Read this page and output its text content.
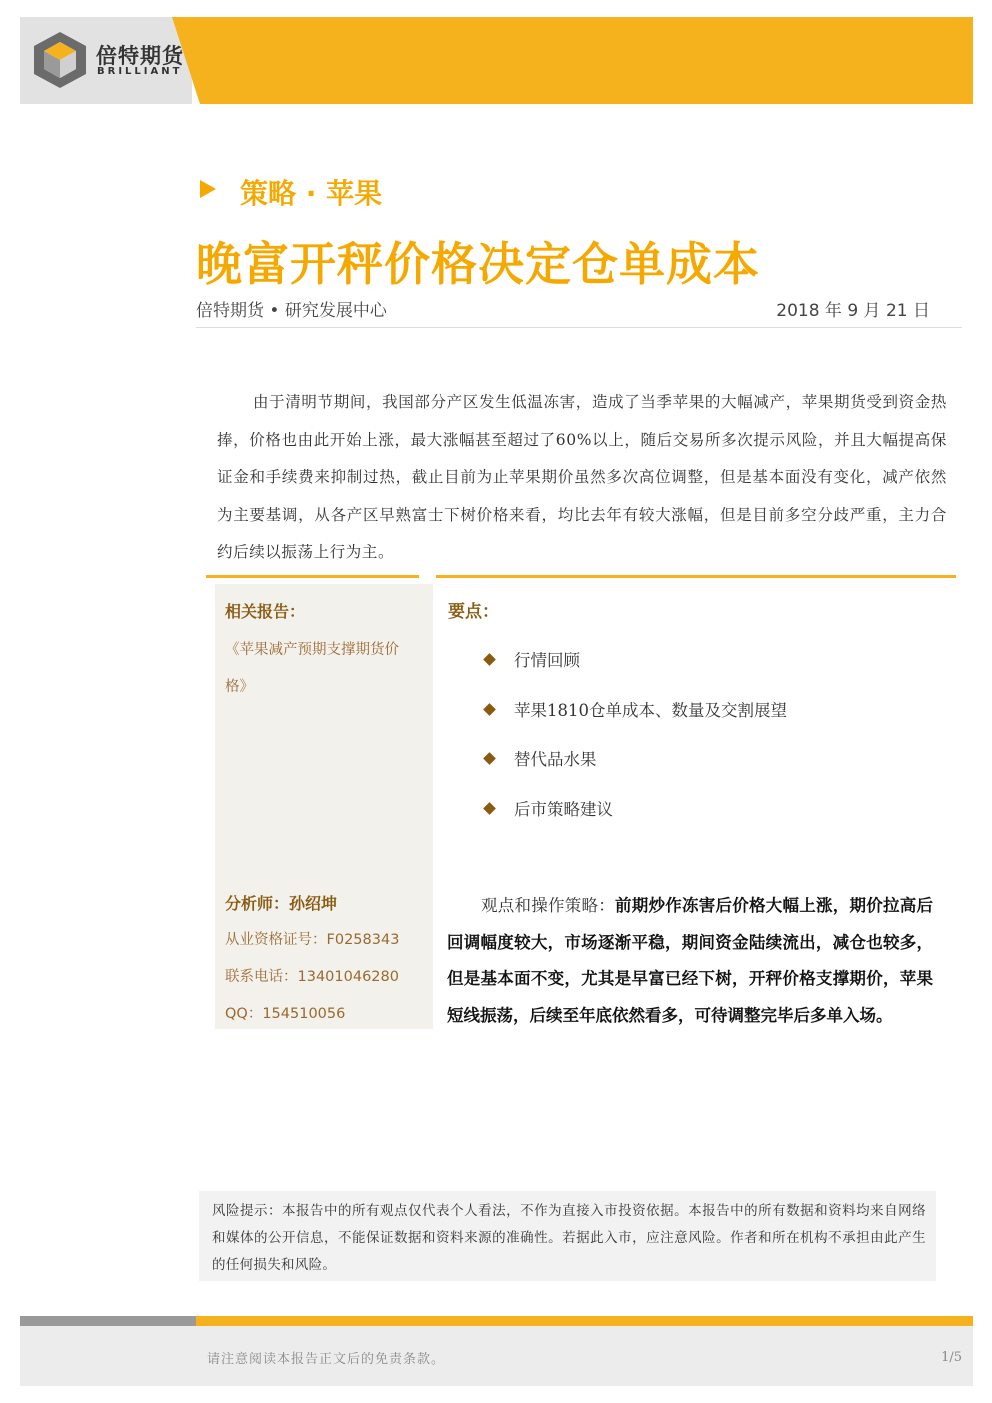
倍特期货
BRILLIANT
策略 · 苹果
晚富开秤价格决定仓单成本
倍特期货 • 研究发展中心	2018 年 9 月 21 日
由于清明节期间，我国部分产区发生低温冻害，造成了当季苹果的大幅减产，苹果期货受到资金热捧，价格也由此开始上涨，最大涨幅甚至超过了60%以上，随后交易所多次提示风险，并且大幅提高保证金和手续费来抑制过热，截止目前为止苹果期价虽然多次高位调整，但是基本面没有变化，减产依然为主要基调，从各产区早熟富士下树价格来看，均比去年有较大涨幅，但是目前多空分歧严重，主力合约后续以振荡上行为主。
相关报告：
《苹果减产预期支撑期货价格》
分析师：孙绍坤
从业资格证号：F0258343
联系电话：13401046280
QQ：154510056
要点：
行情回顾
苹果1810仓单成本、数量及交割展望
替代品水果
后市策略建议
观点和操作策略：前期炒作冻害后价格大幅上涨，期价拉高后回调幅度较大，市场逐渐平稳，期间资金陆续流出，减仓也较多，但是基本面不变，尤其是早富已经下树，开秤价格支撑期价，苹果短线振荡，后续至年底依然看多，可待调整完毕后多单入场。
风险提示：本报告中的所有观点仅代表个人看法，不作为直接入市投资依据。本报告中的所有数据和资料均来自网络和媒体的公开信息，不能保证数据和资料来源的准确性。若据此入市，应注意风险。作者和所在机构不承担由此产生的任何损失和风险。
请注意阅读本报告正文后的免责条款。	1/5
